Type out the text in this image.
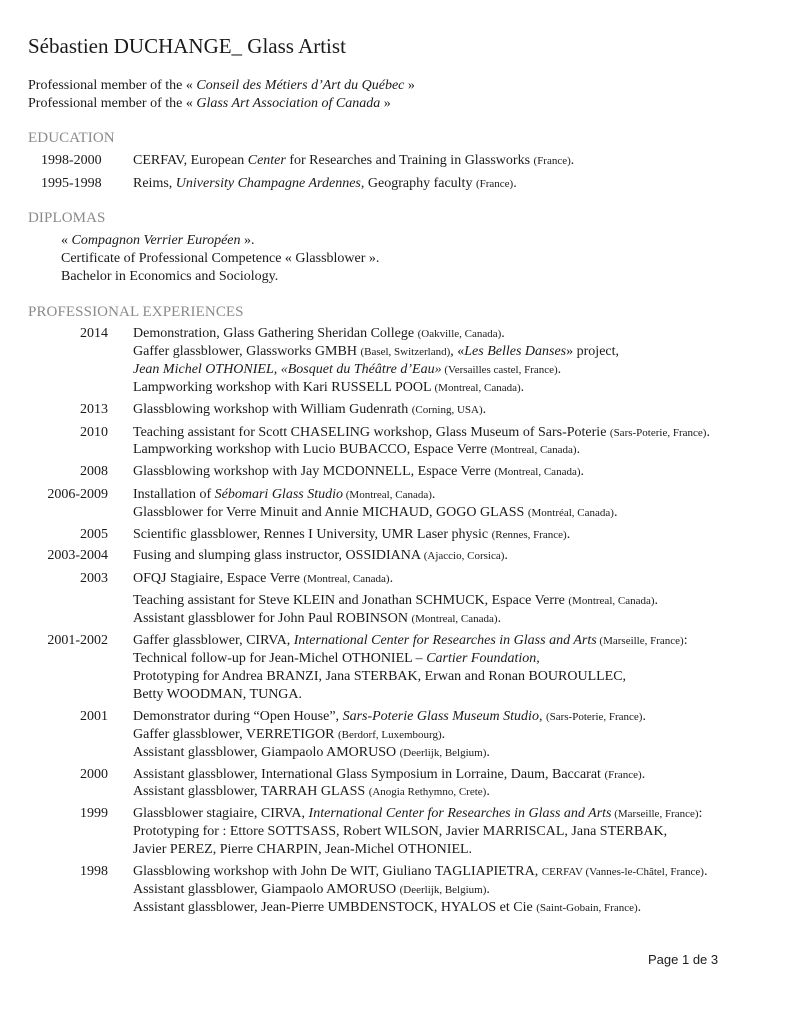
Sébastien DUCHANGE_ Glass Artist
Professional member of the « Conseil des Métiers d’Art du Québec »
Professional member of the « Glass Art Association of Canada »
EDUCATION
1998-2000 CERFAV, European Center for Researches and Training in Glassworks (France).
1995-1998 Reims, University Champagne Ardennes, Geography faculty (France).
DIPLOMAS
« Compagnon Verrier Européen ».
Certificate of Professional Competence « Glassblower ».
Bachelor in Economics and Sociology.
PROFESSIONAL EXPERIENCES
2014
2013
2010
2008
2006-2009
2005
2003-2004
2003
2001-2002
2001
2000
1999
1998
Demonstration, Glass Gathering Sheridan College (Oakville, Canada).
Gaffer glassblower, Glassworks GMBH (Basel, Switzerland), «Les Belles Danses» project,
Jean Michel OTHONIEL, «Bosquet du Théâtre d’Eau» (Versailles castel, France).
Lampworking workshop with Kari RUSSELL POOL (Montreal, Canada).
Glassblowing workshop with William Gudenrath (Corning, USA).
Teaching assistant for Scott CHASELING workshop, Glass Museum of Sars-Poterie (Sars-Poterie, France).
Lampworking workshop with Lucio BUBACCO, Espace Verre (Montreal, Canada).
Glassblowing workshop with Jay MCDONNELL, Espace Verre (Montreal, Canada).
Installation of Sébomari Glass Studio (Montreal, Canada).
Glassblower for Verre Minuit and Annie MICHAUD, GOGO GLASS (Montréal, Canada).
Scientific glassblower, Rennes I University, UMR Laser physic (Rennes, France).
Fusing and slumping glass instructor, OSSIDIANA (Ajaccio, Corsica).
OFQJ Stagiaire, Espace Verre (Montreal, Canada).
Teaching assistant for Steve KLEIN and Jonathan SCHMUCK, Espace Verre (Montreal, Canada).
Assistant glassblower for John Paul ROBINSON (Montreal, Canada).
Gaffer glassblower, CIRVA, International Center for Researches in Glass and Arts (Marseille, France):
Technical follow-up for Jean-Michel OTHONIEL – Cartier Foundation,
Prototyping for Andrea BRANZI, Jana STERBAK, Erwan and Ronan BOUROULLEC,
Betty WOODMAN, TUNGA.
Demonstrator during “Open House”, Sars-Poterie Glass Museum Studio, (Sars-Poterie, France).
Gaffer glassblower, VERRETIGOR (Berdorf, Luxembourg).
Assistant glassblower, Giampaolo AMORUSO (Deerlijk, Belgium).
Assistant glassblower, International Glass Symposium in Lorraine, Daum, Baccarat (France).
Assistant glassblower, TARRAH GLASS (Anogia Rethymno, Crete).
Glassblower stagiaire, CIRVA, International Center for Researches in Glass and Arts (Marseille, France):
Prototyping for : Ettore SOTTSASS, Robert WILSON, Javier MARRISCAL, Jana STERBAK,
Javier PEREZ, Pierre CHARPIN, Jean-Michel OTHONIEL.
Glassblowing workshop with John De WIT, Giuliano TAGLIAPIETRA, CERFAV (Vannes-le-Châtel, France).
Assistant glassblower, Giampaolo AMORUSO (Deerlijk, Belgium).
Assistant glassblower, Jean-Pierre UMBDENSTOCK, HYALOS et Cie (Saint-Gobain, France).
Page 1 de 3
